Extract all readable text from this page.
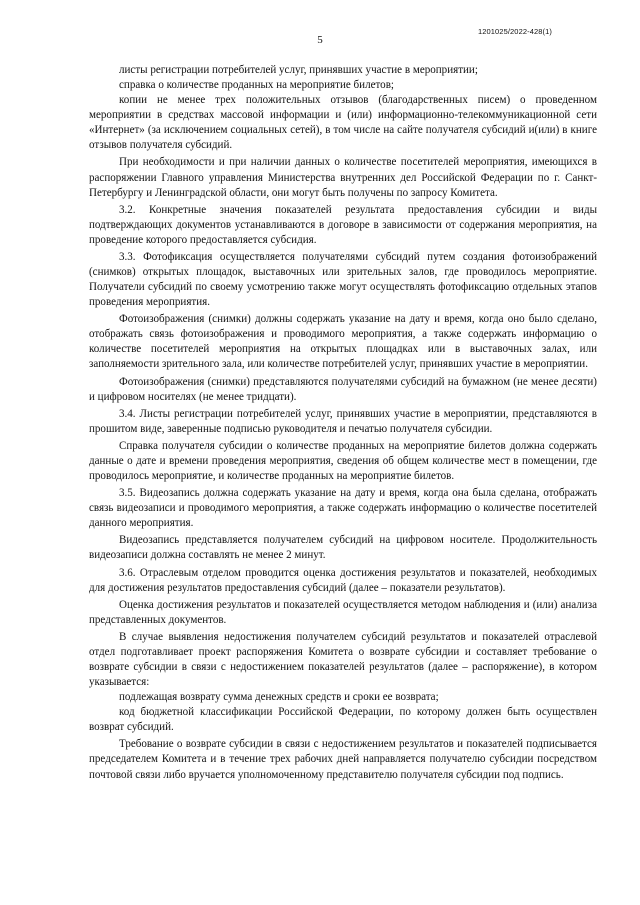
1201025/2022-428(1)
5

листы регистрации потребителей услуг, принявших участие в мероприятии;

справка о количестве проданных на мероприятие билетов;

копии не менее трех положительных отзывов (благодарственных писем) о проведенном мероприятии в средствах массовой информации и (или) информационно-телекоммуникационной сети «Интернет» (за исключением социальных сетей), в том числе на сайте получателя субсидий и(или) в книге отзывов получателя субсидий.

При необходимости и при наличии данных о количестве посетителей мероприятия, имеющихся в распоряжении Главного управления Министерства внутренних дел Российской Федерации по г. Санкт-Петербургу и Ленинградской области, они могут быть получены по запросу Комитета.

3.2. Конкретные значения показателей результата предоставления субсидии и виды подтверждающих документов устанавливаются в договоре в зависимости от содержания мероприятия, на проведение которого предоставляется субсидия.

3.3. Фотофиксация осуществляется получателями субсидий путем создания фотоизображений (снимков) открытых площадок, выставочных или зрительных залов, где проводилось мероприятие. Получатели субсидий по своему усмотрению также могут осуществлять фотофиксацию отдельных этапов проведения мероприятия.

Фотоизображения (снимки) должны содержать указание на дату и время, когда оно было сделано, отображать связь фотоизображения и проводимого мероприятия, а также содержать информацию о количестве посетителей мероприятия на открытых площадках или в выставочных залах, или заполняемости зрительного зала, или количестве потребителей услуг, принявших участие в мероприятии.

Фотоизображения (снимки) представляются получателями субсидий на бумажном (не менее десяти) и цифровом носителях (не менее тридцати).

3.4. Листы регистрации потребителей услуг, принявших участие в мероприятии, представляются в прошитом виде, заверенные подписью руководителя и печатью получателя субсидии.

Справка получателя субсидии о количестве проданных на мероприятие билетов должна содержать данные о дате и времени проведения мероприятия, сведения об общем количестве мест в помещении, где проводилось мероприятие, и количестве проданных на мероприятие билетов.

3.5. Видеозапись должна содержать указание на дату и время, когда она была сделана, отображать связь видеозаписи и проводимого мероприятия, а также содержать информацию о количестве посетителей данного мероприятия.

Видеозапись представляется получателем субсидий на цифровом носителе. Продолжительность видеозаписи должна составлять не менее 2 минут.

3.6. Отраслевым отделом проводится оценка достижения результатов и показателей, необходимых для достижения результатов предоставления субсидий (далее – показатели результатов).

Оценка достижения результатов и показателей осуществляется методом наблюдения и (или) анализа представленных документов.

В случае выявления недостижения получателем субсидий результатов и показателей отраслевой отдел подготавливает проект распоряжения Комитета о возврате субсидии и составляет требование о возврате субсидии в связи с недостижением показателей результатов (далее – распоряжение), в котором указывается:

подлежащая возврату сумма денежных средств и сроки ее возврата;

код бюджетной классификации Российской Федерации, по которому должен быть осуществлен возврат субсидий.

Требование о возврате субсидии в связи с недостижением результатов и показателей подписывается председателем Комитета и в течение трех рабочих дней направляется получателю субсидии посредством почтовой связи либо вручается уполномоченному представителю получателя субсидии под подпись.
